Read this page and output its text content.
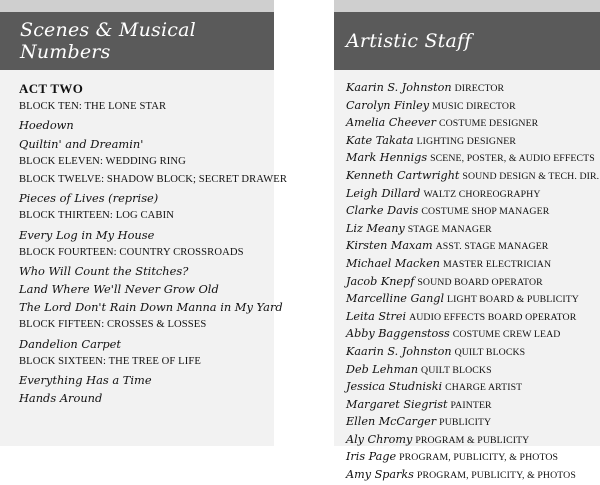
Scenes & Musical Numbers
ACT TWO
BLOCK TEN: THE LONE STAR
Hoedown
Quiltin' and Dreamin'
BLOCK ELEVEN: WEDDING RING
BLOCK TWELVE: SHADOW BLOCK; SECRET DRAWER
Pieces of Lives (reprise)
BLOCK THIRTEEN: LOG CABIN
Every Log in My House
BLOCK FOURTEEN: COUNTRY CROSSROADS
Who Will Count the Stitches?
Land Where We'll Never Grow Old
The Lord Don't Rain Down Manna in My Yard
BLOCK FIFTEEN: CROSSES & LOSSES
Dandelion Carpet
BLOCK SIXTEEN: THE TREE OF LIFE
Everything Has a Time
Hands Around
Artistic Staff
Kaarin S. Johnston DIRECTOR
Carolyn Finley MUSIC DIRECTOR
Amelia Cheever COSTUME DESIGNER
Kate Takata LIGHTING DESIGNER
Mark Hennigs SCENE, POSTER, & AUDIO EFFECTS
Kenneth Cartwright SOUND DESIGN & TECH. DIR.
Leigh Dillard WALTZ CHOREOGRAPHY
Clarke Davis COSTUME SHOP MANAGER
Liz Meany STAGE MANAGER
Kirsten Maxam ASST. STAGE MANAGER
Michael Macken MASTER ELECTRICIAN
Jacob Knepf SOUND BOARD OPERATOR
Marcelline Gangl LIGHT BOARD & PUBLICITY
Leita Strei AUDIO EFFECTS BOARD OPERATOR
Abby Baggenstoss COSTUME CREW LEAD
Kaarin S. Johnston QUILT BLOCKS
Deb Lehman QUILT BLOCKS
Jessica Studniski CHARGE ARTIST
Margaret Siegrist PAINTER
Ellen McCarger PUBLICITY
Aly Chromy PROGRAM & PUBLICITY
Iris Page PROGRAM, PUBLICITY, & PHOTOS
Amy Sparks PROGRAM, PUBLICITY, & PHOTOS
